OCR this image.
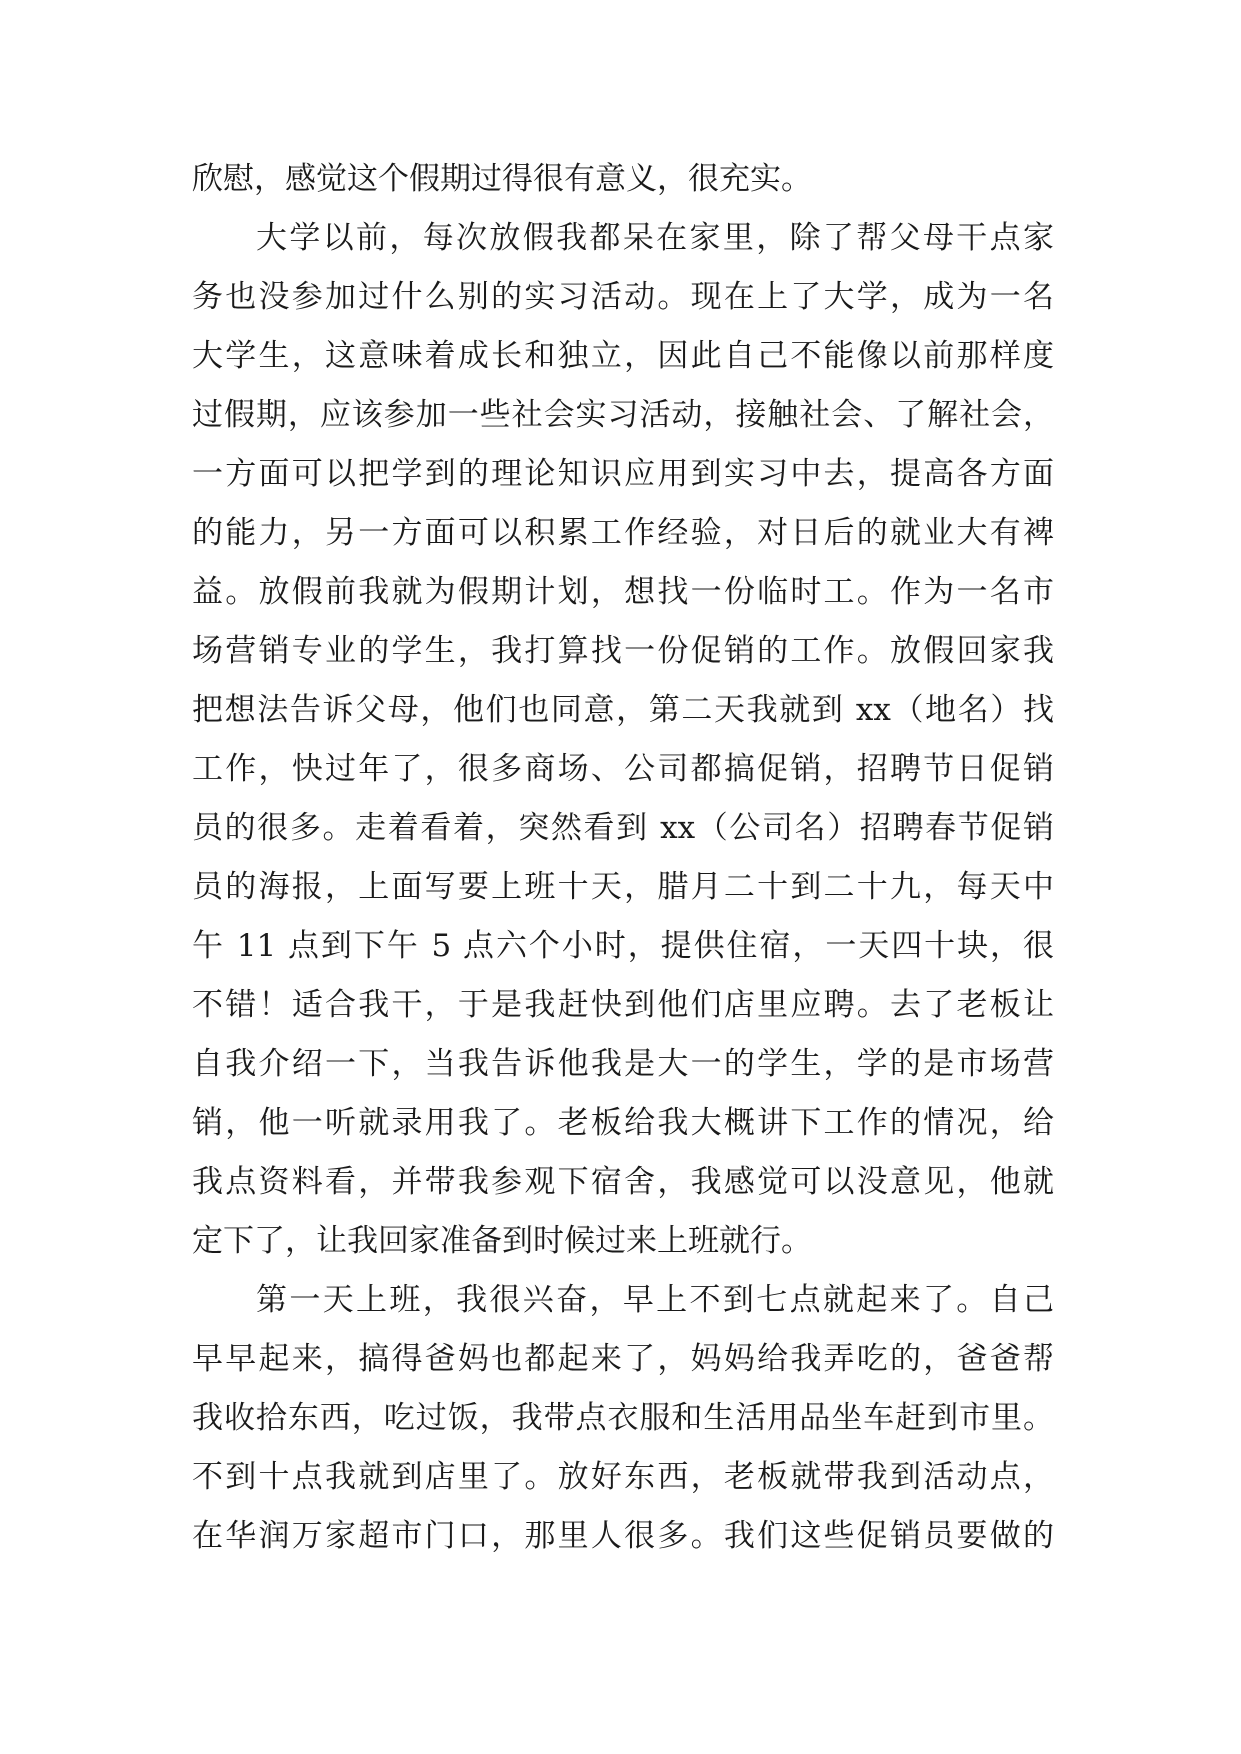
欣慰，感觉这个假期过得很有意义，很充实。
大学以前，每次放假我都呆在家里，除了帮父母干点家
务也没参加过什么别的实习活动。现在上了大学，成为一名
大学生，这意味着成长和独立，因此自己不能像以前那样度
过假期，应该参加一些社会实习活动，接触社会、了解社会，
一方面可以把学到的理论知识应用到实习中去，提高各方面
的能力，另一方面可以积累工作经验，对日后的就业大有裨
益。放假前我就为假期计划，想找一份临时工。作为一名市
场营销专业的学生，我打算找一份促销的工作。放假回家我
把想法告诉父母，他们也同意，第二天我就到 xx（地名）找
工作，快过年了，很多商场、公司都搞促销，招聘节日促销
员的很多。走着看着，突然看到 xx（公司名）招聘春节促销
员的海报，上面写要上班十天，腊月二十到二十九，每天中
午 11 点到下午 5 点六个小时，提供住宿，一天四十块，很
不错！适合我干，于是我赶快到他们店里应聘。去了老板让
自我介绍一下，当我告诉他我是大一的学生，学的是市场营
销，他一听就录用我了。老板给我大概讲下工作的情况，给
我点资料看，并带我参观下宿舍，我感觉可以没意见，他就
定下了，让我回家准备到时候过来上班就行。
第一天上班，我很兴奋，早上不到七点就起来了。自己
早早起来，搞得爸妈也都起来了，妈妈给我弄吃的，爸爸帮
我收拾东西，吃过饭，我带点衣服和生活用品坐车赶到市里。
不到十点我就到店里了。放好东西，老板就带我到活动点，
在华润万家超市门口，那里人很多。我们这些促销员要做的
